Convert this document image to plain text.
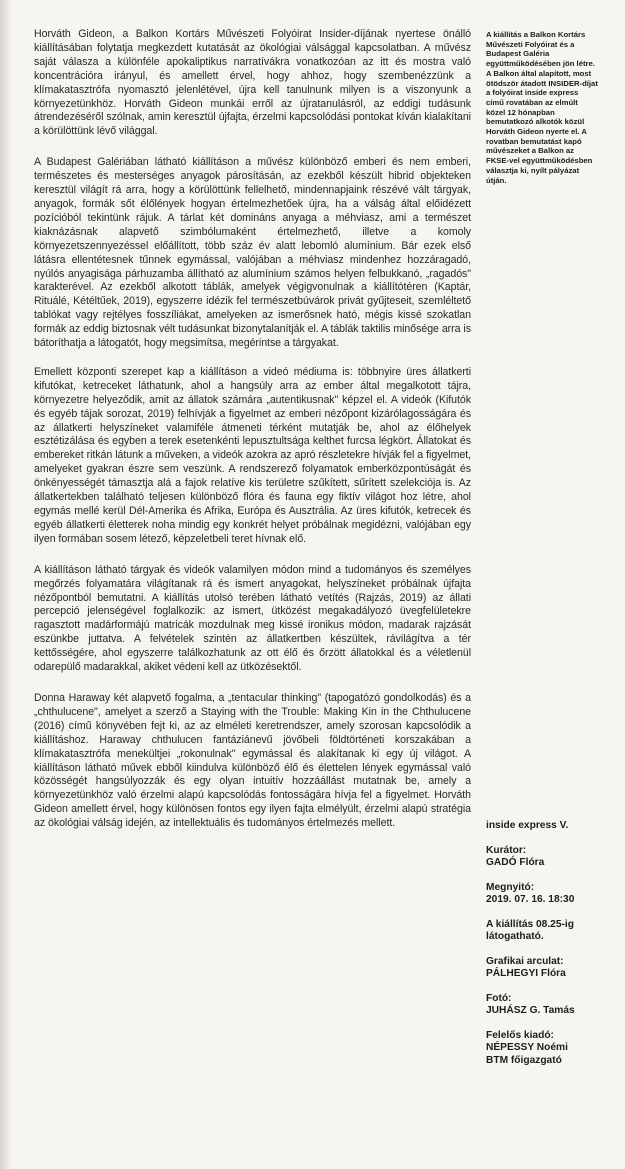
Horváth Gideon, a Balkon Kortárs Művészeti Folyóirat Insider-díjának nyertese önálló kiállításában folytatja megkezdett kutatását az ökológiai válsággal kapcsolatban. A művész saját válasza a különféle apokaliptikus narratívákra vonatkozóan az itt és mostra való koncentrációra irányul, és amellett érvel, hogy ahhoz, hogy szembenézzünk a klímakatasztrófa nyomasztó jelenlétével, újra kell tanulnunk milyen is a viszonyunk a környezetünkhöz. Horváth Gideon munkái erről az újratanulásról, az eddigi tudásunk átrendezéséről szólnak, amin keresztül újfajta, érzelmi kapcsolódási pontokat kíván kialakítani a körülöttünk lévő világgal.

A Budapest Galériában látható kiállításon a művész különböző emberi és nem emberi, természetes és mesterséges anyagok párosításán, az ezekből készült hibrid objekteken keresztül világít rá arra, hogy a körülöttünk fellelhető, mindennapjaink részévé vált tárgyak, anyagok, formák sőt élőlények hogyan értelmezhetőek újra, ha a válság által előidézett pozícióból tekintünk rájuk. A tárlat két domináns anyaga a méhviasz, ami a természet kiaknázásnak alapvető szimbólumaként értelmezhető, illetve a komoly környezetszennyezéssel előállított, több száz év alatt lebomló alumínium. Bár ezek első látásra ellentétesnek tűnnek egymással, valójában a méhviasz mindenhez hozzáragadó, nyúlós anyagisága párhuzamba állítható az alumínium számos helyen felbukkanó, „ragadós" karakterével. Az ezekből alkotott táblák, amelyek végigvonulnak a kiállítótéren (Kaptár, Rituálé, Kétéltűek, 2019), egyszerre idézik fel természetbúvárok privát gyűjteseit, szemléltető tablókat vagy rejtélyes fosszíliákat, amelyeken az ismerősnek ható, mégis kissé szokatlan formák az eddig biztosnak vélt tudásunkat bizonytalanítják el. A táblák taktilis minősége arra is bátoríthatja a látogatót, hogy megsimítsa, megérintse a tárgyakat.

Emellett központi szerepet kap a kiállításon a videó médiuma is: többnyire üres állatkerti kifutókat, ketreceket láthatunk, ahol a hangsúly arra az ember által megalkotott tájra, környezetre helyeződik, amit az állatok számára „autentikusnak" képzel el. A videók (Kifutók és egyéb tájak sorozat, 2019) felhívják a figyelmet az emberi nézőpont kizárólagosságára és az állatkerti helyszíneket valamiféle átmeneti térként mutatják be, ahol az élőhelyek esztétizálása és egyben a terek esetenkénti lepusztultsága kelthet furcsa légkört. Állatokat és embereket ritkán látunk a műveken, a videók azokra az apró részletekre hívják fel a figyelmet, amelyeket gyakran észre sem veszünk. A rendszerező folyamatok emberközpontúságát és önkényességét támasztja alá a fajok relatíve kis területre szűkített, sűrített szelekciója is. Az állatkertekben található teljesen különböző flóra és fauna egy fiktív világot hoz létre, ahol egymás mellé kerül Dél-Amerika és Afrika, Európa és Ausztrália. Az üres kifutók, ketrecek és egyéb állatkerti életterek noha mindig egy konkrét helyet próbálnak megidézni, valójában egy ilyen formában sosem létező, képzeletbeli teret hívnak elő.

A kiállításon látható tárgyak és videók valamilyen módon mind a tudományos és személyes megőrzés folyamatára világítanak rá és ismert anyagokat, helyszíneket próbálnak újfajta nézőpontból bemutatni. A kiállítás utolsó terében látható vetítés (Rajzás, 2019) az állati percepció jelenségével foglalkozik: az ismert, ütközést megakadályozó üvegfelületekre ragasztott madárformájú matricák mozdulnak meg kissé ironikus módon, madarak rajzását eszünkbe juttatva. A felvételek szintén az állatkertben készültek, rávilágítva a tér kettősségére, ahol egyszerre találkozhatunk az ott élő és őrzött állatokkal és a véletlenül odarepülő madarakkal, akiket védeni kell az ütközésektől.

Donna Haraway két alapvető fogalma, a „tentacular thinking" (tapogatózó gondolkodás) és a „chthulucene", amelyet a szerző a Staying with the Trouble: Making Kin in the Chthulucene (2016) című könyvében fejt ki, az az elméleti keretrendszer, amely szorosan kapcsolódik a kiállításhoz. Haraway chthulucen fantáziánevű jövőbeli földtörténeti korszakában a klímakatasztrófa menekültjei „rokonulnak" egymással és alakítanak ki egy új világot. A kiállításon látható művek ebből kiindulva különböző élő és élettelen lények egymással való közösségét hangsúlyozzák és egy olyan intuitív hozzáállást mutatnak be, amely a környezetünkhöz való érzelmi alapú kapcsolódás fontosságára hívja fel a figyelmet. Horváth Gideon amellett érvel, hogy különösen fontos egy ilyen fajta elmélyült, érzelmi alapú stratégia az ökológiai válság idején, az intellektuális és tudományos értelmezés mellett.

A kiállítás a Balkon Kortárs Művészeti Folyóirat és a Budapest Galéria együttműködésében jön létre. A Balkon által alapított, most ötödször átadott INSIDER-díjat a folyóirat inside express című rovatában az elmúlt közel 12 hónapban bemutatkozó alkotók közül Horváth Gideon nyerte el. A rovatban bemutatást kapó művészeket a Balkon az FKSE-vel együttműködésben választja ki, nyílt pályázat útján.

inside express V.
Kurátor:
GADÓ Flóra
Megnyitó:
2019. 07. 16. 18:30
A kiállítás 08.25-ig
látogatható.
Grafikai arculat:
PÁLHEGYI Flóra
Fotó:
JUHÁSZ G. Tamás
Felelős kiadó:
NÉPESSY Noémi
BTM főigazgató
